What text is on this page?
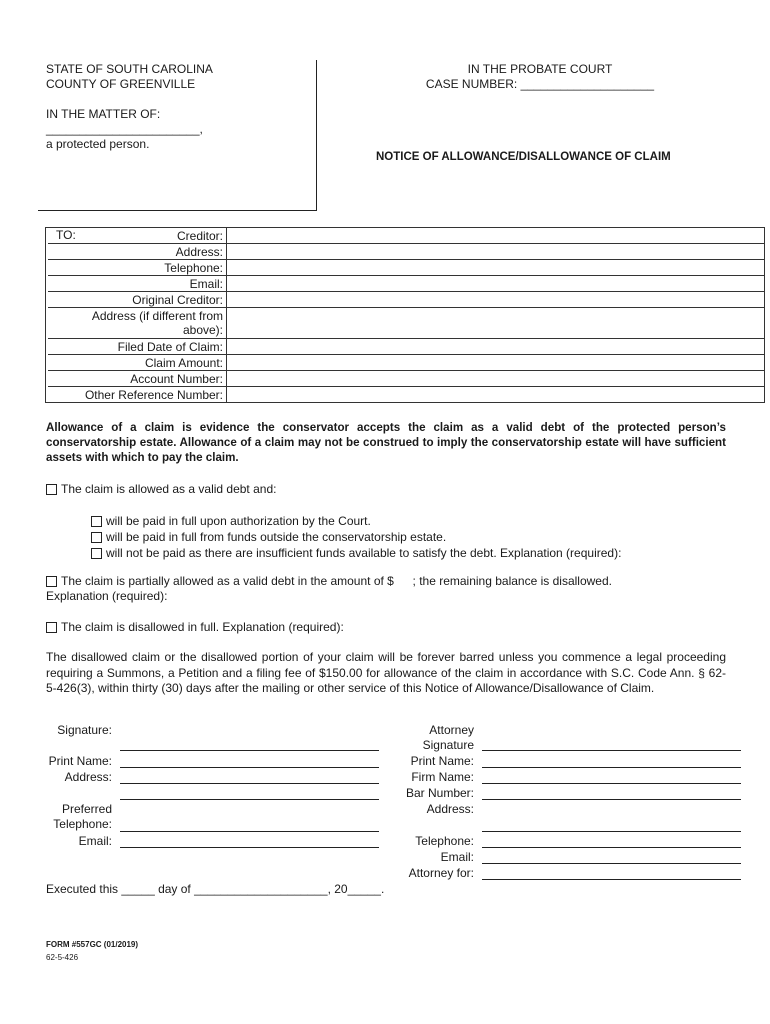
STATE OF SOUTH CAROLINA
COUNTY OF GREENVILLE
IN THE MATTER OF:
_______________________,
a protected person.
IN THE PROBATE COURT
CASE NUMBER: ____________________
NOTICE OF ALLOWANCE/DISALLOWANCE OF CLAIM

	TO: Creditor:	
	Address:	
	Telephone:	
	Email:	
	Original Creditor:	

	Address (if different from
above):	

	Filed Date of Claim:	
	Claim Amount:	
	Account Number:	
	Other Reference Number:	
Allowance of a claim is evidence the conservator accepts the claim as a valid debt of the protected person’s conservatorship estate. Allowance of a claim may not be construed to imply the conservatorship estate will have sufficient assets with which to pay the claim.
The claim is allowed as a valid debt and:
will be paid in full upon authorization by the Court.
will be paid in full from funds outside the conservatorship estate.
will not be paid as there are insufficient funds available to satisfy the debt. Explanation (required):
The claim is partially allowed as a valid debt in the amount of $ ; the remaining balance is disallowed.
Explanation (required):
The claim is disallowed in full. Explanation (required):
The disallowed claim or the disallowed portion of your claim will be forever barred unless you commence a legal proceeding requiring a Summons, a Petition and a filing fee of $150.00 for allowance of the claim in accordance with S.C. Code Ann. § 62-5-426(3), within thirty (30) days after the mailing or other service of this Notice of Allowance/Disallowance of Claim.
Signature:
Print Name:
Address:
Preferred
Telephone:
Email:
Attorney
Signature
Print Name:
Firm Name:
Bar Number:
Address:
Telephone:
Email:
Attorney for:
Executed this _____ day of ____________________, 20_____.
FORM #557GC (01/2019)
62-5-426
